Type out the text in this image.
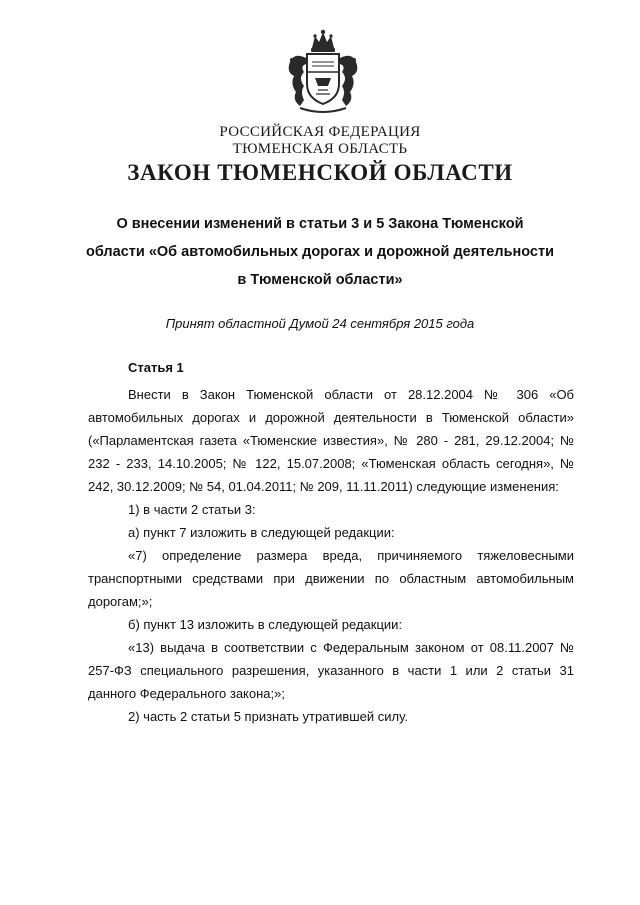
РОССИЙСКАЯ ФЕДЕРАЦИЯ
ТЮМЕНСКАЯ ОБЛАСТЬ
ЗАКОН ТЮМЕНСКОЙ ОБЛАСТИ
О внесении изменений в статьи 3 и 5 Закона Тюменской
области «Об автомобильных дорогах и дорожной деятельности
в Тюменской области»
Принят областной Думой 24 сентября 2015 года
Статья 1

Внести в Закон Тюменской области от 28.12.2004 № 306 «Об автомобильных дорогах и дорожной деятельности в Тюменской области» («Парламентская газета «Тюменские известия», № 280 - 281, 29.12.2004; № 232 - 233, 14.10.2005; № 122, 15.07.2008; «Тюменская область сегодня», № 242, 30.12.2009; № 54, 01.04.2011; № 209, 11.11.2011) следующие изменения:

1) в части 2 статьи 3:

а) пункт 7 изложить в следующей редакции:

«7) определение размера вреда, причиняемого тяжеловесными транспортными средствами при движении по областным автомобильным дорогам;»;

б) пункт 13 изложить в следующей редакции:

«13) выдача в соответствии с Федеральным законом от 08.11.2007 № 257-ФЗ специального разрешения, указанного в части 1 или 2 статьи 31 данного Федерального закона;»;

2) часть 2 статьи 5 признать утратившей силу.
